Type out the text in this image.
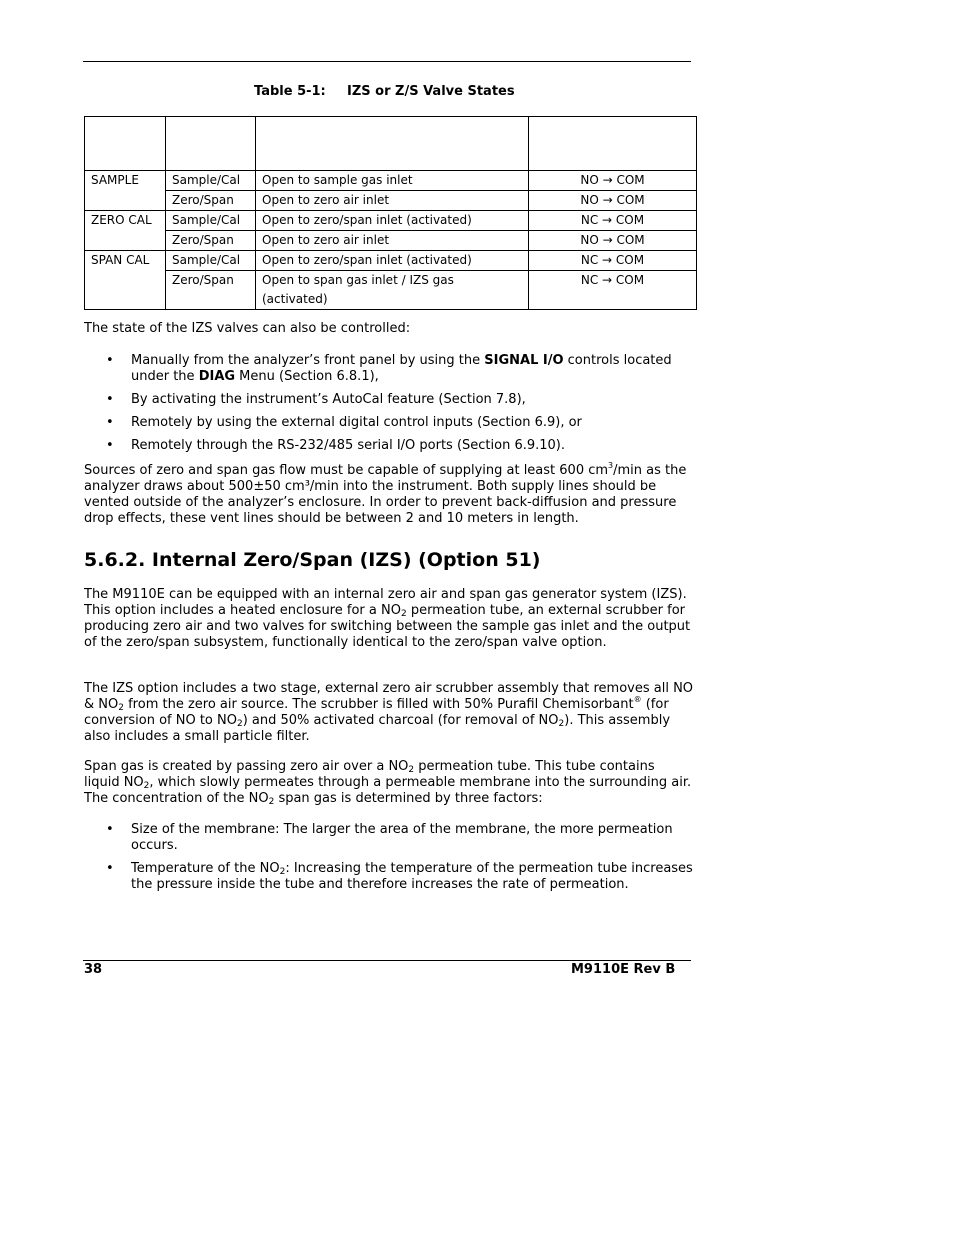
Table 5-1: IZS or Z/S Valve States

SAMPLE	Sample/Cal	Open to sample gas inlet	NO → COM
	Zero/Span	Open to zero air inlet	NO → COM
ZERO CAL	Sample/Cal	Open to zero/span inlet (activated)	NC → COM
	Zero/Span	Open to zero air inlet	NO → COM
SPAN CAL	Sample/Cal	Open to zero/span inlet (activated)	NC → COM
	Zero/Span	Open to span gas inlet / IZS gas (activated)	NC → COM
The state of the IZS valves can also be controlled:
• Manually from the analyzer’s front panel by using the SIGNAL I/O controls located under the DIAG Menu (Section 6.8.1),
• By activating the instrument’s AutoCal feature (Section 7.8),
• Remotely by using the external digital control inputs (Section 6.9), or
• Remotely through the RS-232/485 serial I/O ports (Section 6.9.10).
Sources of zero and span gas flow must be capable of supplying at least 600 $cm^3/\min$ as the analyzer draws about 500±50 cm³/min into the instrument. Both supply lines should be vented outside of the analyzer’s enclosure. In order to prevent back-diffusion and pressure drop effects, these vent lines should be between 2 and 10 meters in length.
5.6.2. Internal Zero/Span (IZS) (Option 51)
The M9110E can be equipped with an internal zero air and span gas generator system (IZS). This option includes a heated enclosure for a $NO_2$ permeation tube, an external scrubber for producing zero air and two valves for switching between the sample gas inlet and the output of the zero/span subsystem, functionally identical to the zero/span valve option.
The IZS option includes a two stage, external zero air scrubber assembly that removes all NO & $NO_2$ from the zero air source. The scrubber is filled with 50% Purafil Chemisorbant® (for conversion of NO to $NO_2$) and 50% activated charcoal (for removal of $NO_2$). This assembly also includes a small particle filter.
Span gas is created by passing zero air over a $NO_2$ permeation tube. This tube contains liquid $NO_2$, which slowly permeates through a permeable membrane into the surrounding air. The concentration of the $NO_2$ span gas is determined by three factors:
• Size of the membrane: The larger the area of the membrane, the more permeation occurs.
• Temperature of the $NO_2$: Increasing the temperature of the permeation tube increases the pressure inside the tube and therefore increases the rate of permeation.
38	M9110E Rev B
